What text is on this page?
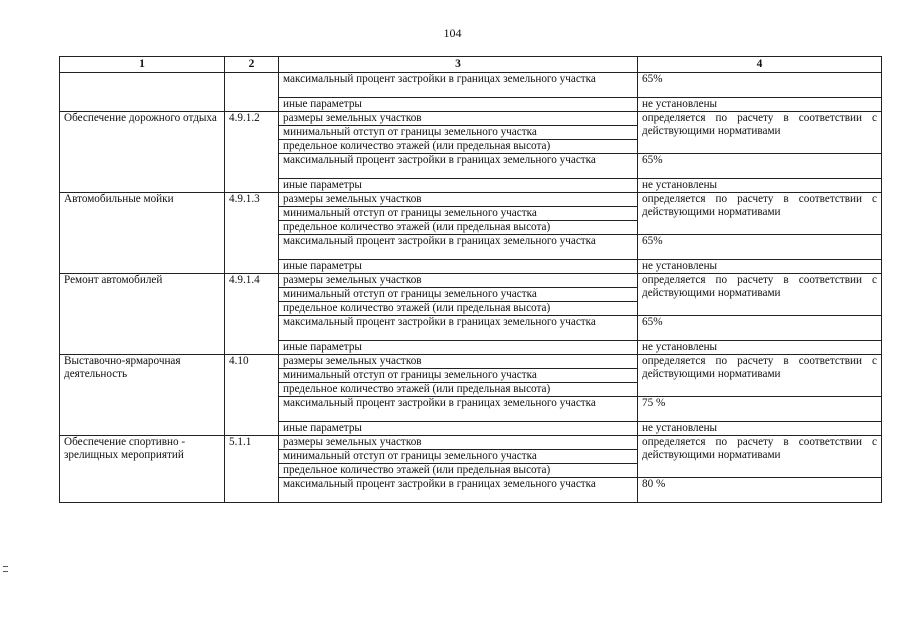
104
1	2	3	4
		максимальный процент застройки в границах земельного участка	65%
		иные параметры	не установлены
Обеспечение дорожного отдыха	4.9.1.2	размеры земельных участков	определяется по расчету в соответствии с действующими нормативами
		минимальный отступ от границы земельного участка	
		предельное количество этажей (или предельная высота)	
		максимальный процент застройки в границах земельного участка	65%
		иные параметры	не установлены
Автомобильные мойки	4.9.1.3	размеры земельных участков	определяется по расчету в соответствии с действующими нормативами
		минимальный отступ от границы земельного участка	
		предельное количество этажей (или предельная высота)	
		максимальный процент застройки в границах земельного участка	65%
		иные параметры	не установлены
Ремонт автомобилей	4.9.1.4	размеры земельных участков	определяется по расчету в соответствии с действующими нормативами
		минимальный отступ от границы земельного участка	
		предельное количество этажей (или предельная высота)	
		максимальный процент застройки в границах земельного участка	65%
		иные параметры	не установлены
Выставочно-ярмарочная деятельность	4.10	размеры земельных участков	определяется по расчету в соответствии с действующими нормативами
		минимальный отступ от границы земельного участка	
		предельное количество этажей (или предельная высота)	
		максимальный процент застройки в границах земельного участка	75 %
		иные параметры	не установлены
Обеспечение спортивно - зрелищных мероприятий	5.1.1	размеры земельных участков	определяется по расчету в соответствии с действующими нормативами
		минимальный отступ от границы земельного участка	
		предельное количество этажей (или предельная высота)	
		максимальный процент застройки в границах земельного участка	80 %
